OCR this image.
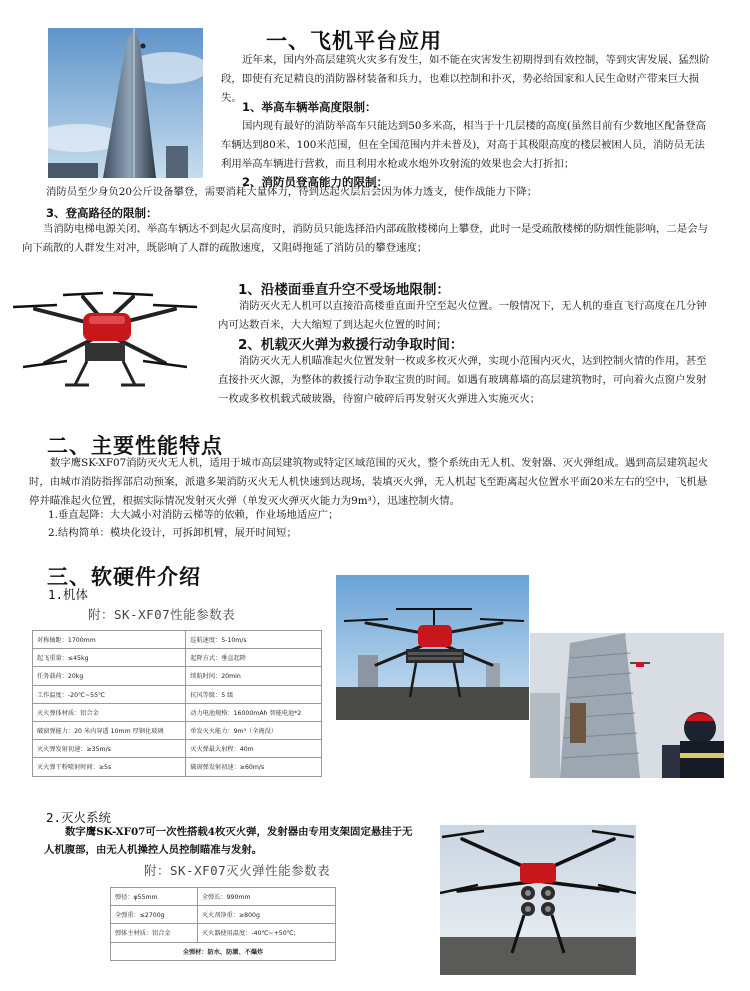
一、飞机平台应用
近年来，国内外高层建筑火灾多有发生，如不能在灾害发生初期得到有效控制，等到灾害发展、猛烈阶段，即使有充足精良的消防器材装备和兵力，也难以控制和扑灭，势必给国家和人民生命财产带来巨大损失。
1、举高车辆举高度限制：
国内现有最好的消防举高车只能达到50多米高，相当于十几层楼的高度(虽然目前有少数地区配备登高车辆达到80米、100米范围，但在全国范围内并未普及)，对高于其极限高度的楼层被困人员，消防员无法利用举高车辆进行营救，而且利用水枪或水炮外攻射流的效果也会大打折扣；
2、消防员登高能力的限制：
消防员至少身负20公斤设备攀登，需要消耗大量体力，待到达起火层后会因为体力透支，使作战能力下降；
3、登高路径的限制：
当消防电梯电源关闭、举高车辆达不到起火层高度时，消防员只能选择沿内部疏散楼梯向上攀登，此时一是受疏散楼梯的防烟性能影响，二是会与向下疏散的人群发生对冲，既影响了人群的疏散速度，又阻碍拖延了消防员的攀登速度；
1、沿楼面垂直升空不受场地限制：
消防灭火无人机可以直接沿高楼垂直面升空至起火位置。一般情况下，无人机的垂直飞行高度在几分钟内可达数百米，大大缩短了到达起火位置的时间；
2、机载灭火弹为救援行动争取时间：
消防灭火无人机瞄准起火位置发射一枚或多枚灭火弹，实现小范围内灭火，达到控制火情的作用，甚至直接扑灭火源，为整体的救援行动争取宝贵的时间。如遇有玻璃幕墙的高层建筑物时，可向着火点窗户发射一枚或多枚机载式破玻器，待窗户破碎后再发射灭火弹进入实施灭火；
二、主要性能特点
数字鹰SK-XF07消防灭火无人机，适用于城市高层建筑物或特定区域范围的灭火，整个系统由无人机、发射器、灭火弹组成。遇到高层建筑起火时，由城市消防指挥部启动预案，派遣多架消防灭火无人机快速到达现场，装填灭火弹，无人机起飞至距离起火位置水平面20米左右的空中，飞机悬停并瞄准起火位置，根据实际情况发射灭火弹（单发灭火弹灭火能力为9m³），迅速控制火情。
1.垂直起降：大大减小对消防云梯等的依赖，作业场地适应广；
2.结构简单：模块化设计，可拆卸机臂，展开时间短；
三、软硬件介绍
1.机体
附：SK-XF07性能参数表
对称轴距：1700mm	巡航速度：5-10m/s
起飞重量：≤45kg	起降方式：垂直起降
任务载荷：20kg	续航时间：20min
工作温度：-20℃~55℃	抗风等级：5 级
灭火弹体材质：铝合金	动力电池规格：16000mAh 智能电池*2
破窗弹能力：20 米内穿透 10mm 厚钢化玻璃	单发灭火能力：9m³（全淹没）
灭火弹发射初速：≥35m/s	灭火弹最大射程：40m
灭火弹干粉喷射时间：≥5s	破窗弹发射初速：≥60m/s
2.灭火系统
数字鹰SK-XF07可一次性搭载4枚灭火弹，发射器由专用支架固定悬挂于无人机腹部，由无人机操控人员控制瞄准与发射。
附：SK-XF07灭火弹性能参数表
弹径：φ55mm	全弹长：990mm
全弹重：≤2700g	灭火剂净重：≥800g
弹体主材质：铝合金	灭火器使用温度：-40℃~+50℃;
全弹材：防水、防潮、不爆炸	
